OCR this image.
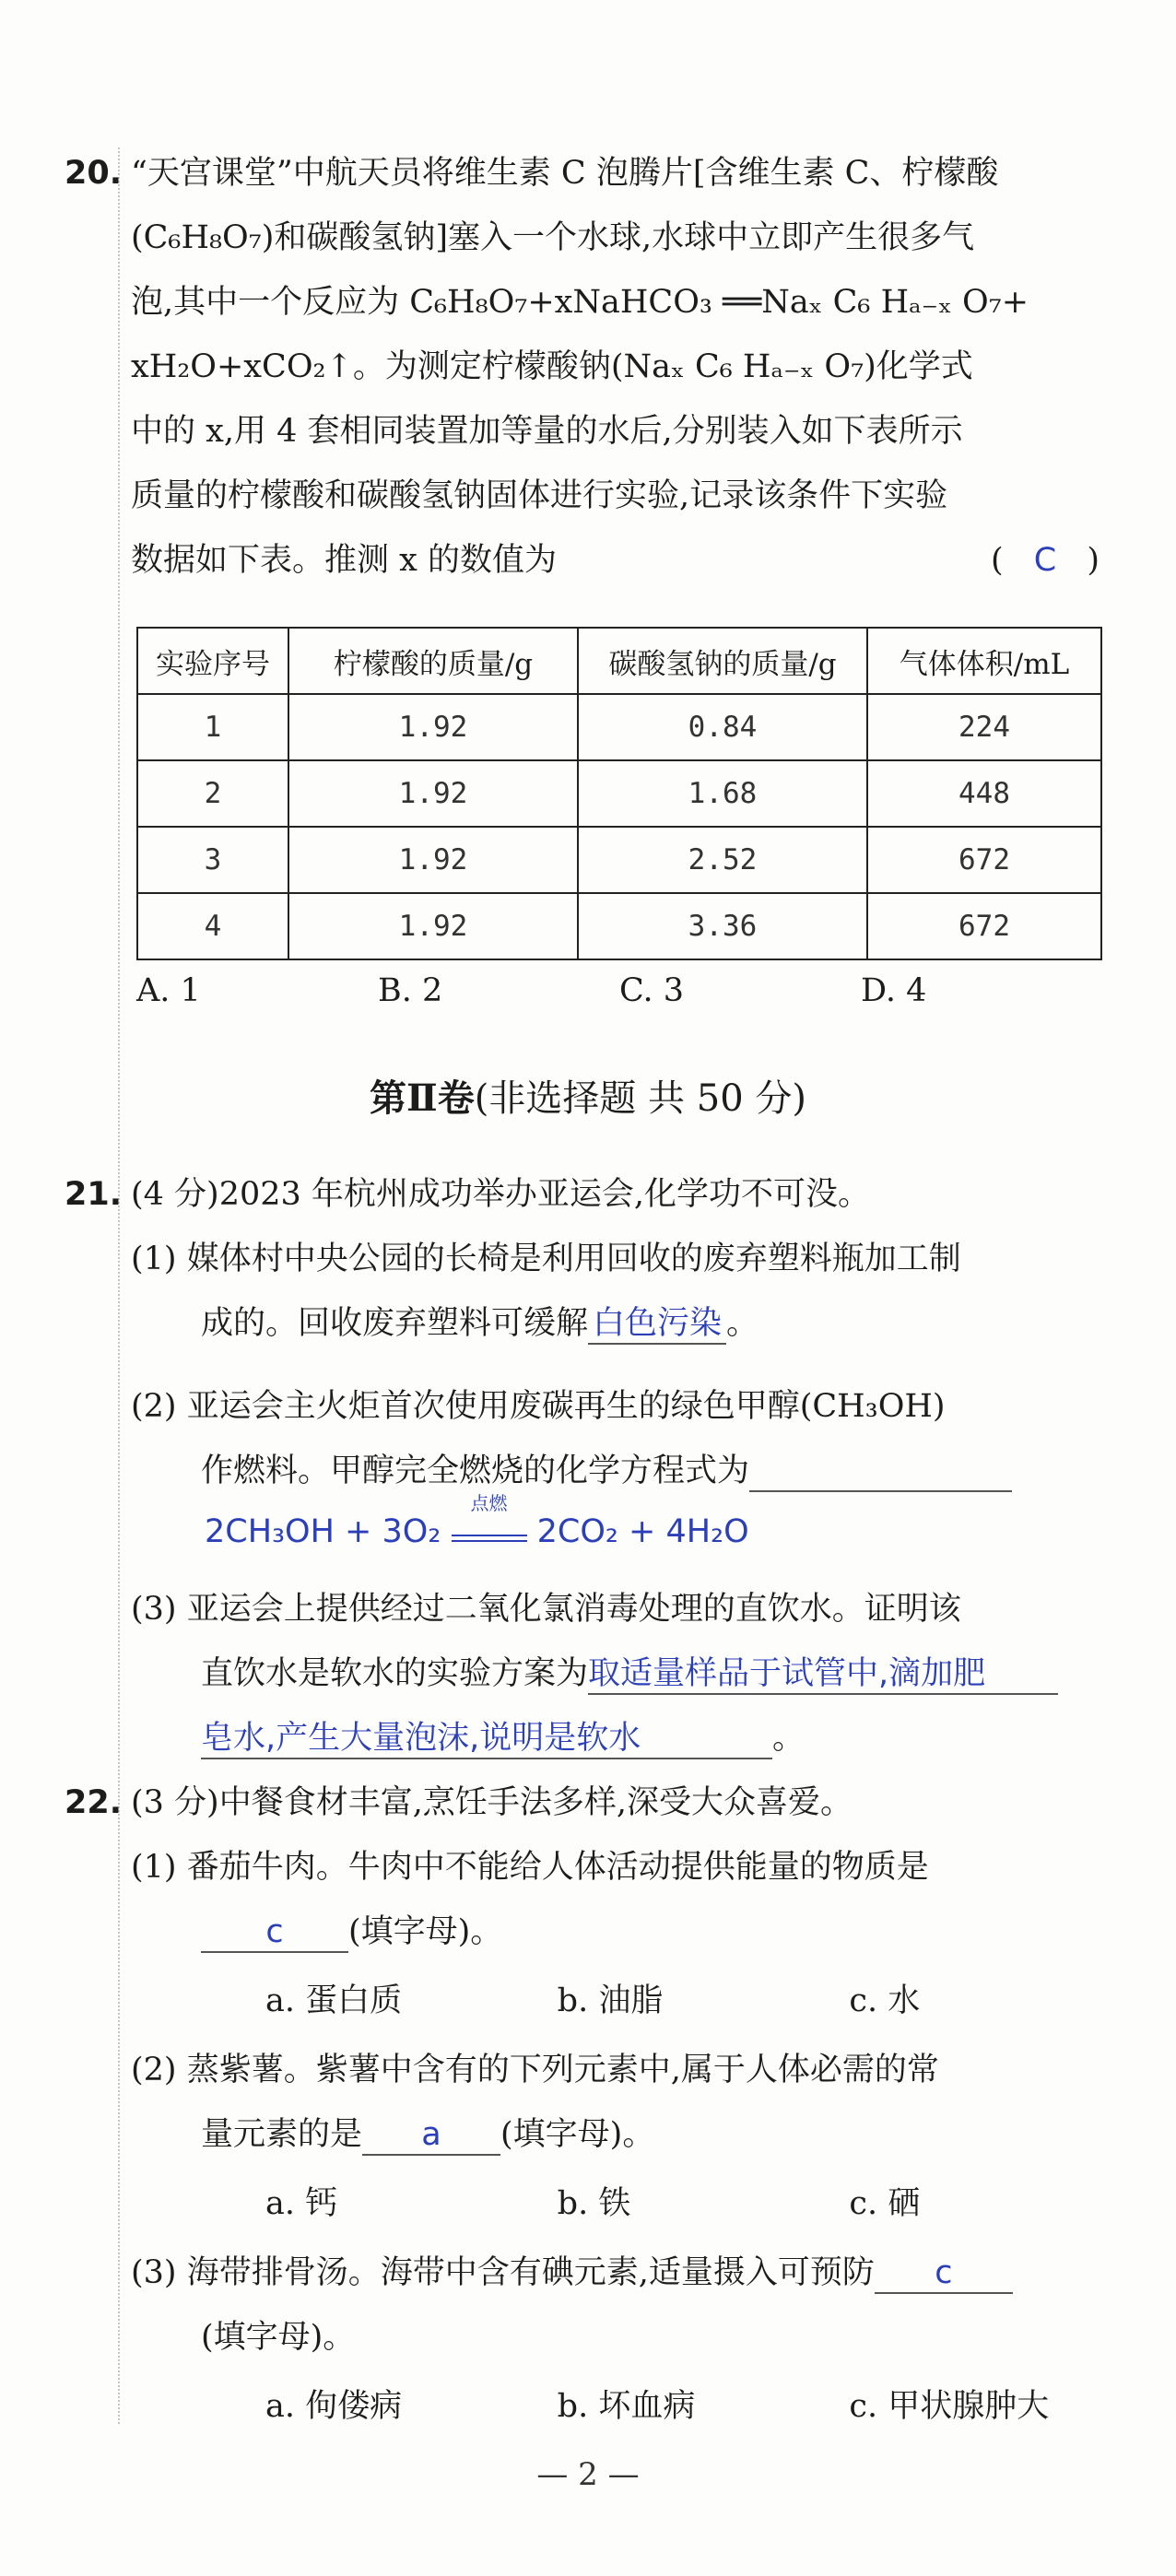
20. “天宫课堂”中航天员将维生素 C 泡腾片[含维生素 C、柠檬酸
(C₆H₈O₇)和碳酸氢钠]塞入一个水球,水球中立即产生很多气
泡,其中一个反应为 C₆H₈O₇+xNaHCO₃ ══Naₓ C₆ Hₐ₋ₓ O₇+
xH₂O+xCO₂↑。为测定柠檬酸钠(Naₓ C₆ Hₐ₋ₓ O₇)化学式
中的 x,用 4 套相同装置加等量的水后,分别装入如下表所示
质量的柠檬酸和碳酸氢钠固体进行实验,记录该条件下实验
数据如下表。推测 x 的数值为	( C )
实验序号	柠檬酸的质量/g	碳酸氢钠的质量/g	气体体积/mL
1	1.92	0.84	224
2	1.92	1.68	448
3	1.92	2.52	672
4	1.92	3.36	672
A. 1	B. 2	C. 3	D. 4
第Ⅱ卷(非选择题 共 50 分)
21. (4 分)2023 年杭州成功举办亚运会,化学功不可没。
(1) 媒体村中央公园的长椅是利用回收的废弃塑料瓶加工制
成的。回收废弃塑料可缓解 白色污染 。
(2) 亚运会主火炬首次使用废碳再生的绿色甲醇(CH₃OH)
作燃料。甲醇完全燃烧的化学方程式为
2CH₃OH + 3O₂
点燃
2CO₂ + 4H₂O
(3) 亚运会上提供经过二氧化氯消毒处理的直饮水。证明该
直饮水是软水的实验方案为取适量样品于试管中,滴加肥
皂水,产生大量泡沫,说明是软水	。
22. (3 分)中餐食材丰富,烹饪手法多样,深受大众喜爱。
(1) 番茄牛肉。牛肉中不能给人体活动提供能量的物质是
c (填字母)。
a. 蛋白质	b. 油脂	c. 水
(2) 蒸紫薯。紫薯中含有的下列元素中,属于人体必需的常
量元素的是 a (填字母)。
a. 钙	b. 铁	c. 硒
(3) 海带排骨汤。海带中含有碘元素,适量摄入可预防 c
(填字母)。
a. 佝偻病	b. 坏血病	c. 甲状腺肿大
— 2 —
